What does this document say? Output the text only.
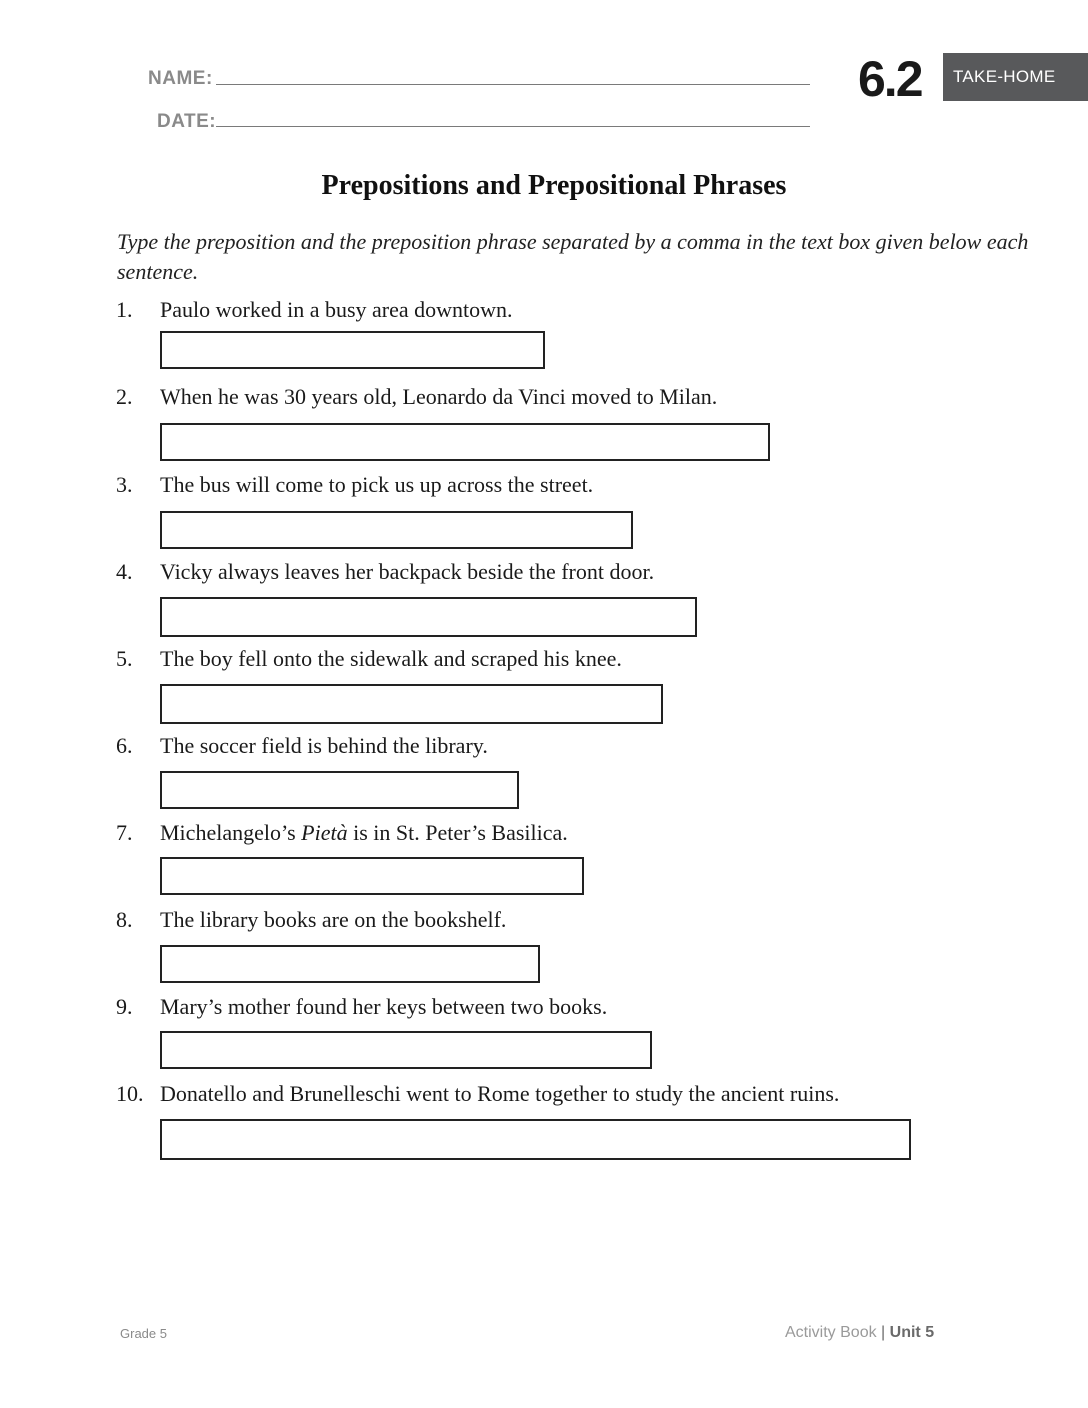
NAME:
DATE:
6.2	TAKE-HOME
Prepositions and Prepositional Phrases
Type the preposition and the preposition phrase separated by a comma in the text box given below each sentence.
1. Paulo worked in a busy area downtown.
2. When he was 30 years old, Leonardo da Vinci moved to Milan.
3. The bus will come to pick us up across the street.
4. Vicky always leaves her backpack beside the front door.
5. The boy fell onto the sidewalk and scraped his knee.
6. The soccer field is behind the library.
7. Michelangelo’s Pietà is in St. Peter’s Basilica.
8. The library books are on the bookshelf.
9. Mary’s mother found her keys between two books.
10. Donatello and Brunelleschi went to Rome together to study the ancient ruins.
Grade 5	Activity Book | Unit 5
